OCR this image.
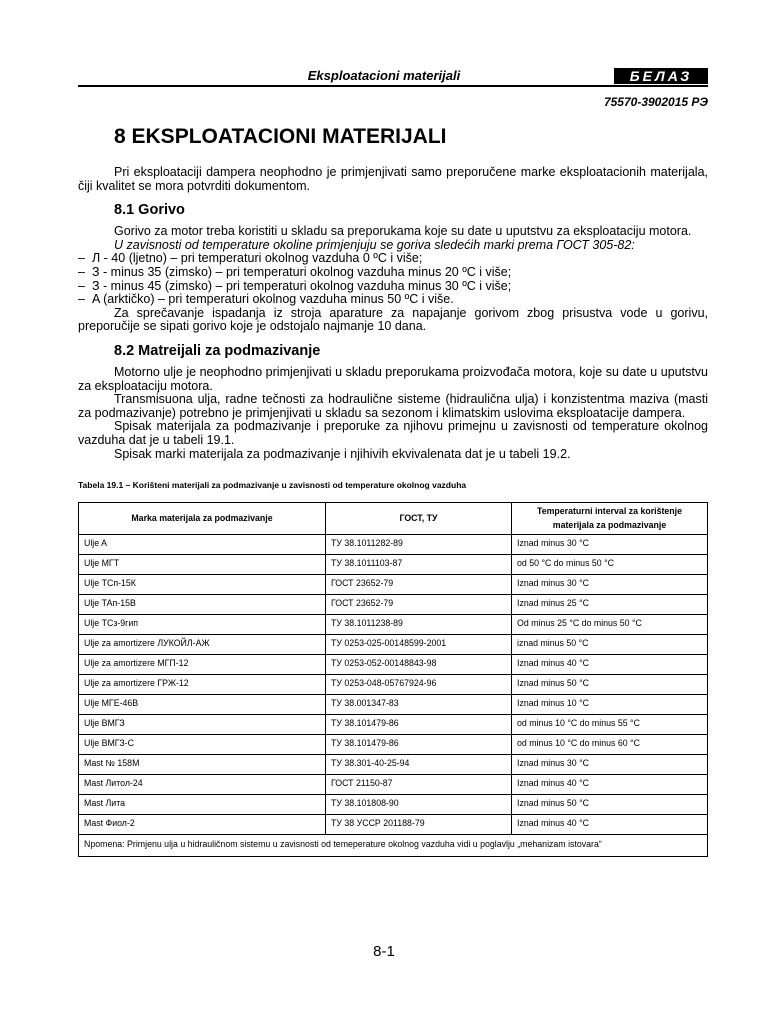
Eksploatacioni materijali	БЕЛАЗ
75570-3902015 РЭ
8 EKSPLOATACIONI MATERIJALI

Pri eksploataciji dampera neophodno je primjenjivati samo preporučene marke eksploatacionih materijala, čiji kvalitet se mora potvrditi dokumentom.

8.1 Gorivo

Gorivo za motor treba koristiti u skladu sa preporukama koje su date u uputstvu za eksploataciju motora.

U zavisnosti od temperature okoline primjenjuju se goriva sledećih marki prema ГОСТ 305-82:

– Л - 40 (ljetno) – pri temperaturi okolnog vazduha 0 ºC i više;
– З - minus 35 (zimsko) – pri temperaturi okolnog vazduha minus 20 ºC i više;
– З - minus 45 (zimsko) – pri temperaturi okolnog vazduha minus 30 ºC i više;
– A (arktičko) – pri temperaturi okolnog vazduha minus 50 ºC i više.

Za sprečavanje ispadanja iz stroja aparature za napajanje gorivom zbog prisustva vode u gorivu, preporučije se sipati gorivo koje je odstojalo najmanje 10 dana.

8.2 Matreijali za podmazivanje

Motorno ulje je neophodno primjenjivati u skladu preporukama proizvođača motora, koje su date u uputstvu za eksploataciju motora.

Transmisuona ulja, radne tečnosti za hodraulične sisteme (hidraulična ulja) i konzistentma maziva (masti za podmazivanje) potrebno je primjenjivati u skladu sa sezonom i klimatskim uslovima eksploatacije dampera.

Spisak materijala za podmazivanje i preporuke za njihovu primejnu u zavisnosti od temperature okolnog vazduha dat je u tabeli 19.1.

Spisak marki materijala za podmazivanje i njihivih ekvivalenata dat je u tabeli 19.2.

Tabela 19.1 – Korišteni materijali za podmazivanje u zavisnosti od temperature okolnog vazduha
Marka materijala za podmazivanje	ГОСТ, ТУ	Temperaturni interval za korištenje materijala za podmazivanje
Ulje A	ТУ 38.1011282-89	Iznad minus 30 °C
Ulje МГТ	ТУ 38.1011103-87	od 50 °C do minus 50 °C
Ulje ТСп-15К	ГОСТ 23652-79	Iznad minus 30 °C
Ulje ТАп-15В	ГОСТ 23652-79	Iznad minus 25 °C
Ulje ТСз-9гип	ТУ 38.1011238-89	Od minus 25 °C do minus 50 °C
Ulje za amortizere ЛУКОЙЛ-АЖ	ТУ 0253-025-00148599-2001	iznad minus 50 °C
Ulje za amortizere МГП-12	ТУ 0253-052-00148843-98	Iznad minus 40 °C
Ulje za amortizere ГРЖ-12	ТУ 0253-048-05767924-96	Iznad minus 50 °C
Ulje МГЕ-46В	ТУ 38.001347-83	Iznad minus 10 °C
Ulje ВМГЗ	ТУ 38.101479-86	od minus 10 °C do minus 55 °C
Ulje ВМГЗ-С	ТУ 38.101479-86	od minus 10 °C do minus 60 °C
Mast № 158М	ТУ 38.301-40-25-94	Iznad minus 30 °C
Mast Литол-24	ГОСТ 21150-87	Iznad minus 40 °C
Mast Лита	ТУ 38.101808-90	Iznad minus 50 °C
Mast Фиол-2	ТУ 38 УССР 201188-79	Iznad minus 40 °C
Npomena: Primjenu ulja u hidrauličnom sistemu u zavisnosti od temeperature okolnog vazduha vidi u poglavlju „mehanizam istovara“		
8-1
